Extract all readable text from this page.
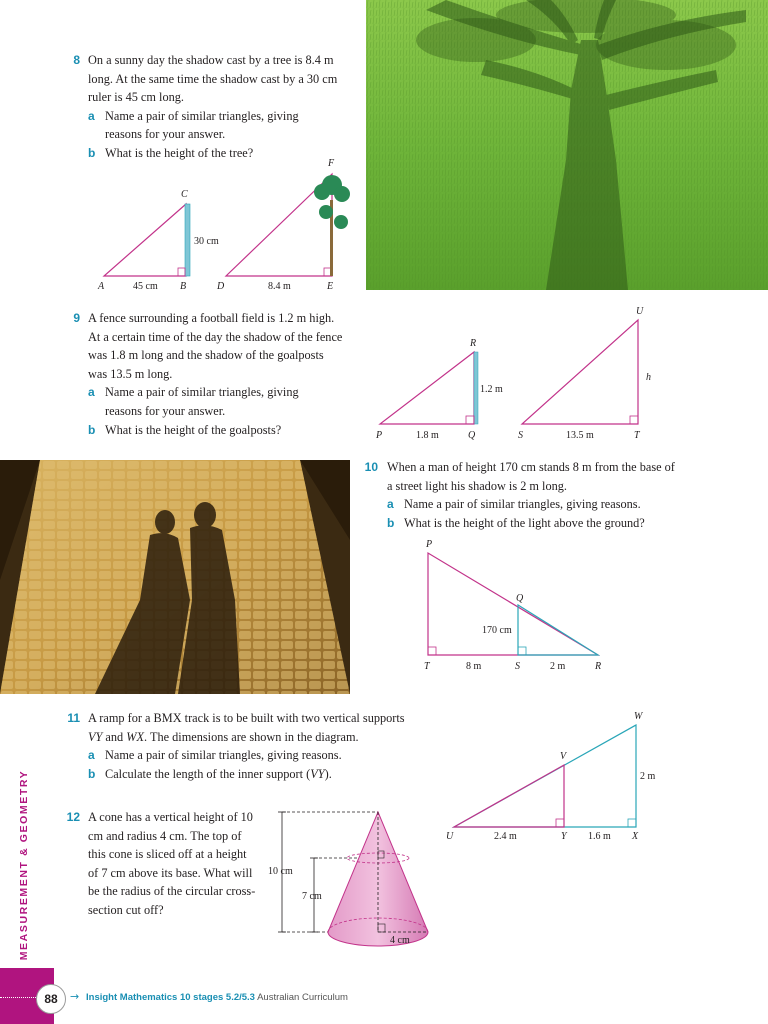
8 On a sunny day the shadow cast by a tree is 8.4 m long. At the same time the shadow cast by a 30 cm ruler is 45 cm long.
a Name a pair of similar triangles, giving
reasons for your answer.
b What is the height of the tree?
A	45 cm B
C
30 cm
D	8.4 m	E
F
9 A fence surrounding a football field is 1.2 m high. At a certain time of the day the shadow of the fence was 1.8 m long and the shadow of the goalposts was 13.5 m long.
a Name a pair of similar triangles, giving
reasons for your answer.
b What is the height of the goalposts?	P	1.8 m	Q
R
1.2 m
S	13.5 m	T
U
h
10 When a man of height 170 cm stands 8 m from the base of a street light his shadow is 2 m long.
a Name a pair of similar triangles, giving reasons.
b What is the height of the light above the ground?
P
Q
170 cm
T	8 m	S	2 m	R
11 A ramp for a BMX track is to be built with two vertical supports
VY and WX. The dimensions are shown in the diagram.
a Name a pair of similar triangles, giving reasons.
b Calculate the length of the inner support (VY).
W
V
2 m
U	2.4 m	Y 1.6 m X
12 A cone has a vertical height of 10 cm and radius 4 cm. The top of this cone is sliced off at a height of 7 cm above its base. What will be the radius of the circular cross-section cut off?
10 cm
7 cm
4 cm
MEASUREMENT & GEOMETRY
88	→ Insight Mathematics 10 stages 5.2/5.3 Australian Curriculum
